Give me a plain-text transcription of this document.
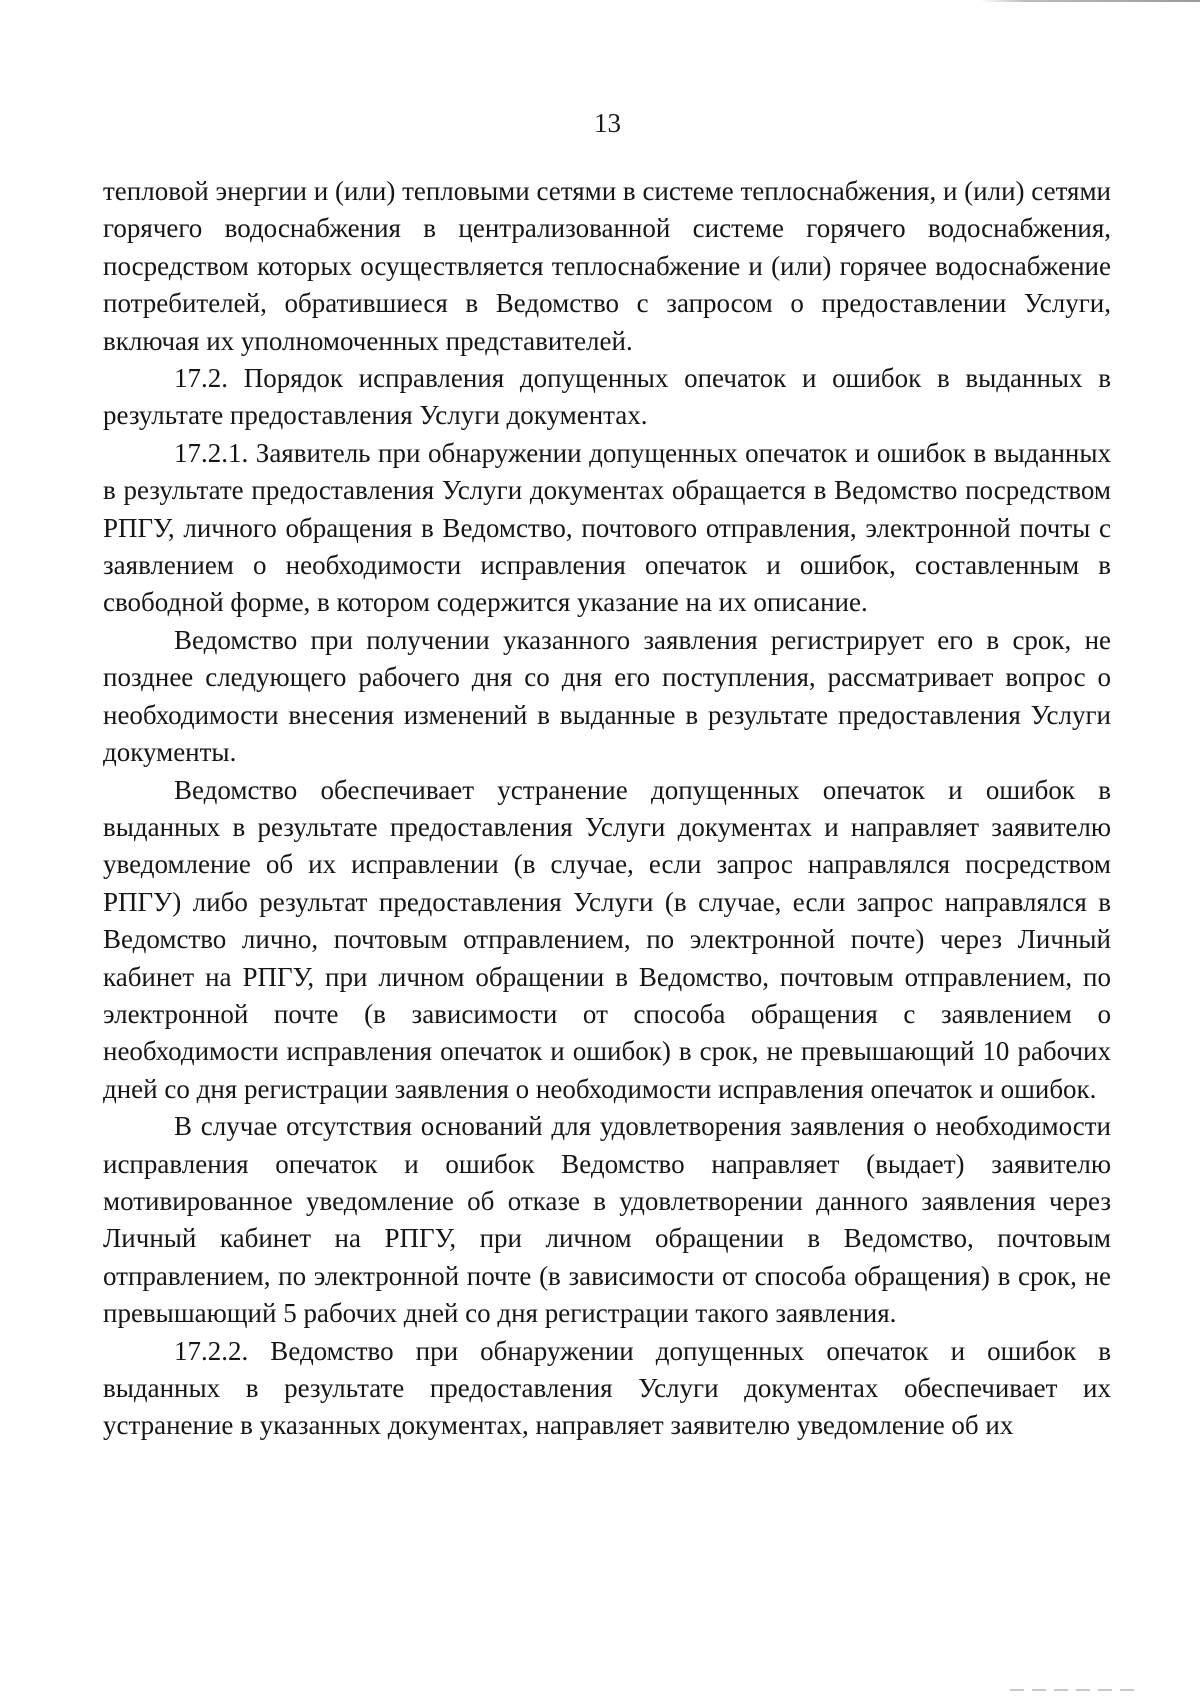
13

тепловой энергии и (или) тепловыми сетями в системе теплоснабжения, и (или) сетями горячего водоснабжения в централизованной системе горячего водоснабжения, посредством которых осуществляется теплоснабжение и (или) горячее водоснабжение потребителей, обратившиеся в Ведомство с запросом о предоставлении Услуги, включая их уполномоченных представителей.

17.2. Порядок исправления допущенных опечаток и ошибок в выданных в результате предоставления Услуги документах.

17.2.1. Заявитель при обнаружении допущенных опечаток и ошибок в выданных в результате предоставления Услуги документах обращается в Ведомство посредством РПГУ, личного обращения в Ведомство, почтового отправления, электронной почты с заявлением о необходимости исправления опечаток и ошибок, составленным в свободной форме, в котором содержится указание на их описание.

Ведомство при получении указанного заявления регистрирует его в срок, не позднее следующего рабочего дня со дня его поступления, рассматривает вопрос о необходимости внесения изменений в выданные в результате предоставления Услуги документы.

Ведомство обеспечивает устранение допущенных опечаток и ошибок в выданных в результате предоставления Услуги документах и направляет заявителю уведомление об их исправлении (в случае, если запрос направлялся посредством РПГУ) либо результат предоставления Услуги (в случае, если запрос направлялся в Ведомство лично, почтовым отправлением, по электронной почте) через Личный кабинет на РПГУ, при личном обращении в Ведомство, почтовым отправлением, по электронной почте (в зависимости от способа обращения с заявлением о необходимости исправления опечаток и ошибок) в срок, не превышающий 10 рабочих дней со дня регистрации заявления о необходимости исправления опечаток и ошибок.

В случае отсутствия оснований для удовлетворения заявления о необходимости исправления опечаток и ошибок Ведомство направляет (выдает) заявителю мотивированное уведомление об отказе в удовлетворении данного заявления через Личный кабинет на РПГУ, при личном обращении в Ведомство, почтовым отправлением, по электронной почте (в зависимости от способа обращения) в срок, не превышающий 5 рабочих дней со дня регистрации такого заявления.

17.2.2. Ведомство при обнаружении допущенных опечаток и ошибок в выданных в результате предоставления Услуги документах обеспечивает их устранение в указанных документах, направляет заявителю уведомление об их
